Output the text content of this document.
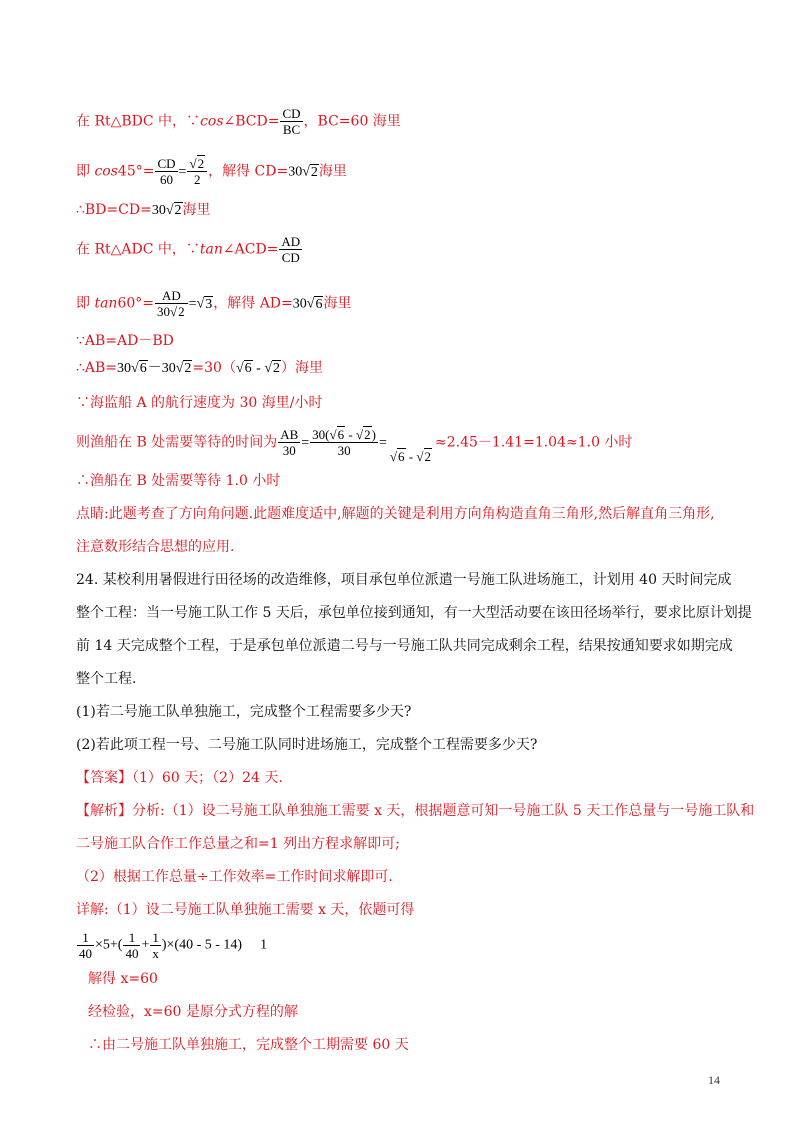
在 Rt△BDC 中，∵cos∠BCD= $\frac{CD}{BC}$ ，BC=60 海里
即 $\cos 45^\circ= \frac{CD}{60} = \frac{√2}{2}$ ，解得 CD=30√2海里
∴BD=CD=30√2海里
在 Rt△ADC 中，∵tan∠ACD= $\frac{AD}{CD}$
即 $\tan 60^\circ= \frac{AD}{30√2} =√3$，解得 AD=30√6海里
∵AB=AD－BD
∴AB=30√6－30√2=30（√6 - √2）海里
∵海监船 A 的航行速度为 30 海里/小时
则渔船在 B 处需要等待的时间为 $\frac{AB}{30} = \frac{30(√6 - √2)}{30}$ =

√6 - √2
≈2.45－1.41=1.04≈1.0 小时
∴渔船在 B 处需要等待 1.0 小时
点睛:此题考查了方向角问题.此题难度适中,解题的关键是利用方向角构造直角三角形,然后解直角三角形,
注意数形结合思想的应用.
24. 某校利用暑假进行田径场的改造维修，项目承包单位派遣一号施工队进场施工，计划用 40 天时间完成
整个工程：当一号施工队工作 5 天后，承包单位接到通知，有一大型活动要在该田径场举行，要求比原计划提
前 14 天完成整个工程，于是承包单位派遣二号与一号施工队共同完成剩余工程，结果按通知要求如期完成
整个工程.
(1)若二号施工队单独施工，完成整个工程需要多少天?
(2)若此项工程一号、二号施工队同时进场施工，完成整个工程需要多少天?
【答案】（1）60 天；（2）24 天.
【解析】分析:（1）设二号施工队单独施工需要 x 天，根据题意可知一号施工队 5 天工作总量与一号施工队和
二号施工队合作工作总量之和=1 列出方程求解即可;
（2）根据工作总量÷工作效率=工作时间求解即可.
详解:（1）设二号施工队单独施工需要 x 天，依题可得
$\frac{1}{40} \times 5+( \frac{1}{40} + \frac{1}{x} )\times(40 - 5 - 14)$ 1
解得 x=60
经检验，x=60 是原分式方程的解
∴由二号施工队单独施工，完成整个工期需要 60 天
14
